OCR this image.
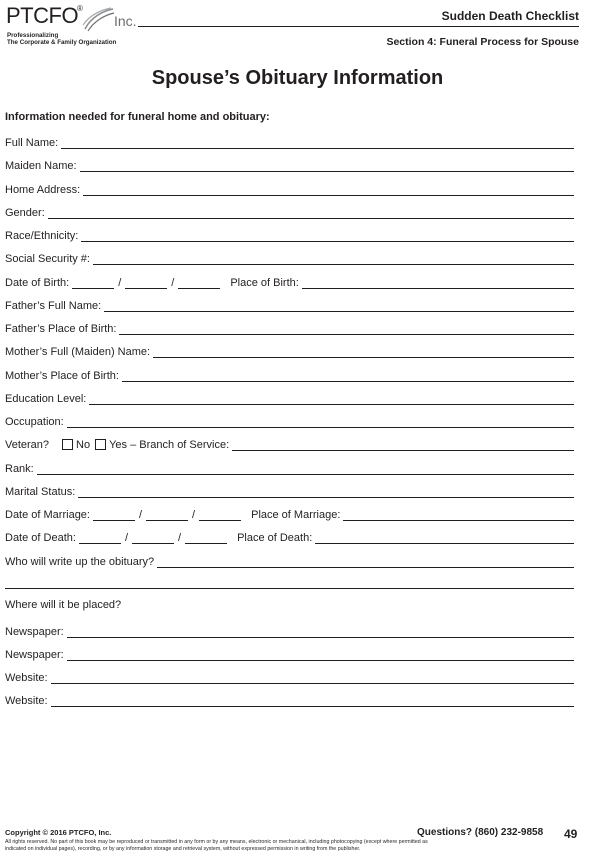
PTCFO
®
Inc.
Professionalizing
The Corporate & Family Organization
Sudden Death Checklist
Section 4: Funeral Process for Spouse
Spouse’s Obituary Information
Information needed for funeral home and obituary:
Full Name:
Maiden Name:
Home Address:
Gender:
Race/Ethnicity:
Social Security #:
Date of Birth:	/	/	Place of Birth:
Father’s Full Name:
Father’s Place of Birth:
Mother’s Full (Maiden) Name:
Mother’s Place of Birth:
Education Level:
Occupation:
Veteran? No Yes – Branch of Service:
Rank:
Marital Status:
Date of Marriage:	/	/	Place of Marriage:
Date of Death:	/	/	Place of Death:
Who will write up the obituary?
Where will it be placed?
Newspaper:
Newspaper:
Website:
Website:
Copyright © 2016 PTCFO, Inc.
All rights reserved. No part of this book may be reproduced or transmitted in any form or by any means, electronic or mechanical, including photocopying (except where permitted as indicated on individual pages), recording, or by any information storage and retrieval system, without expressed permission in writing from the publisher.
Questions? (860) 232-9858 49
